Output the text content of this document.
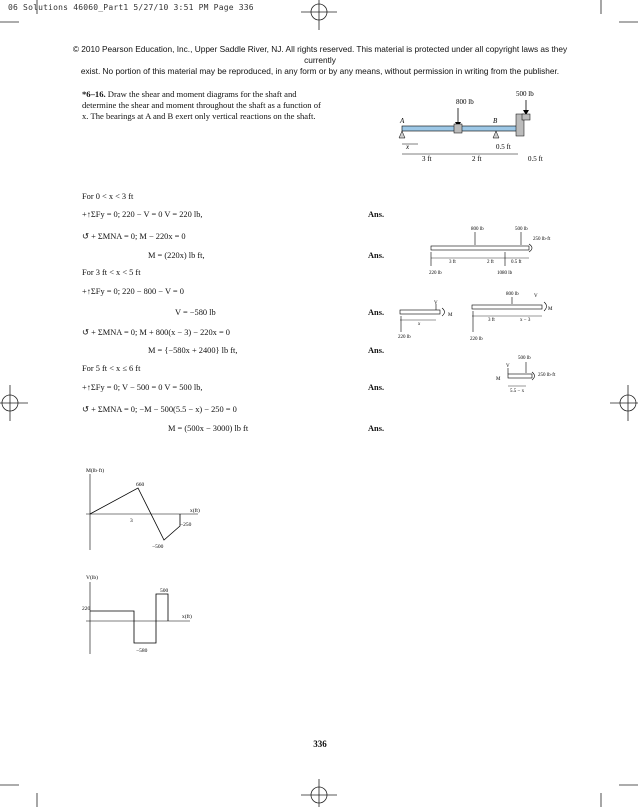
06 Solutions 46060_Part1 5/27/10 3:51 PM Page 336
© 2010 Pearson Education, Inc., Upper Saddle River, NJ. All rights reserved. This material is protected under all copyright laws as they currently
exist. No portion of this material may be reproduced, in any form or by any means, without permission in writing from the publisher.
*6–16. Draw the shear and moment diagrams for the shaft and determine the shear and moment throughout the shaft as a function of x. The bearings at A and B exert only vertical reactions on the shaft.
800 lb
500 lb
A	B
x
3 ft	2 ft
0.5 ft
0.5 ft
For 0 < x < 3 ft
+↑ΣFy = 0; 220 − V = 0 V = 220 lb,	Ans.
↺ + ΣMNA = 0; M − 220x = 0
M = (220x) lb ft,	Ans.
For 3 ft < x < 5 ft
+↑ΣFy = 0; 220 − 800 − V = 0
V = −580 lb	Ans.
↺ + ΣMNA = 0; M + 800(x − 3) − 220x = 0
M = {−580x + 2400} lb ft,	Ans.
For 5 ft < x ≤ 6 ft
+↑ΣFy = 0; V − 500 = 0 V = 500 lb,	Ans.
↺ + ΣMNA = 0; −M − 500(5.5 − x) − 250 = 0
M = (500x − 3000) lb ft	Ans.
800 lb	500 lb
250 lb·ft
3 ft	2 ft	0.5 ft
220 lb	1080 lb
V
M
x
220 lb
800 lb	V
M
3 ft	x − 3
220 lb
500 lb
V
M
250 lb·ft
5.5 − x
M(lb·ft)
x(ft)
660
3
−500
−250
V(lb)
x(ft)
220
−580
500
336
